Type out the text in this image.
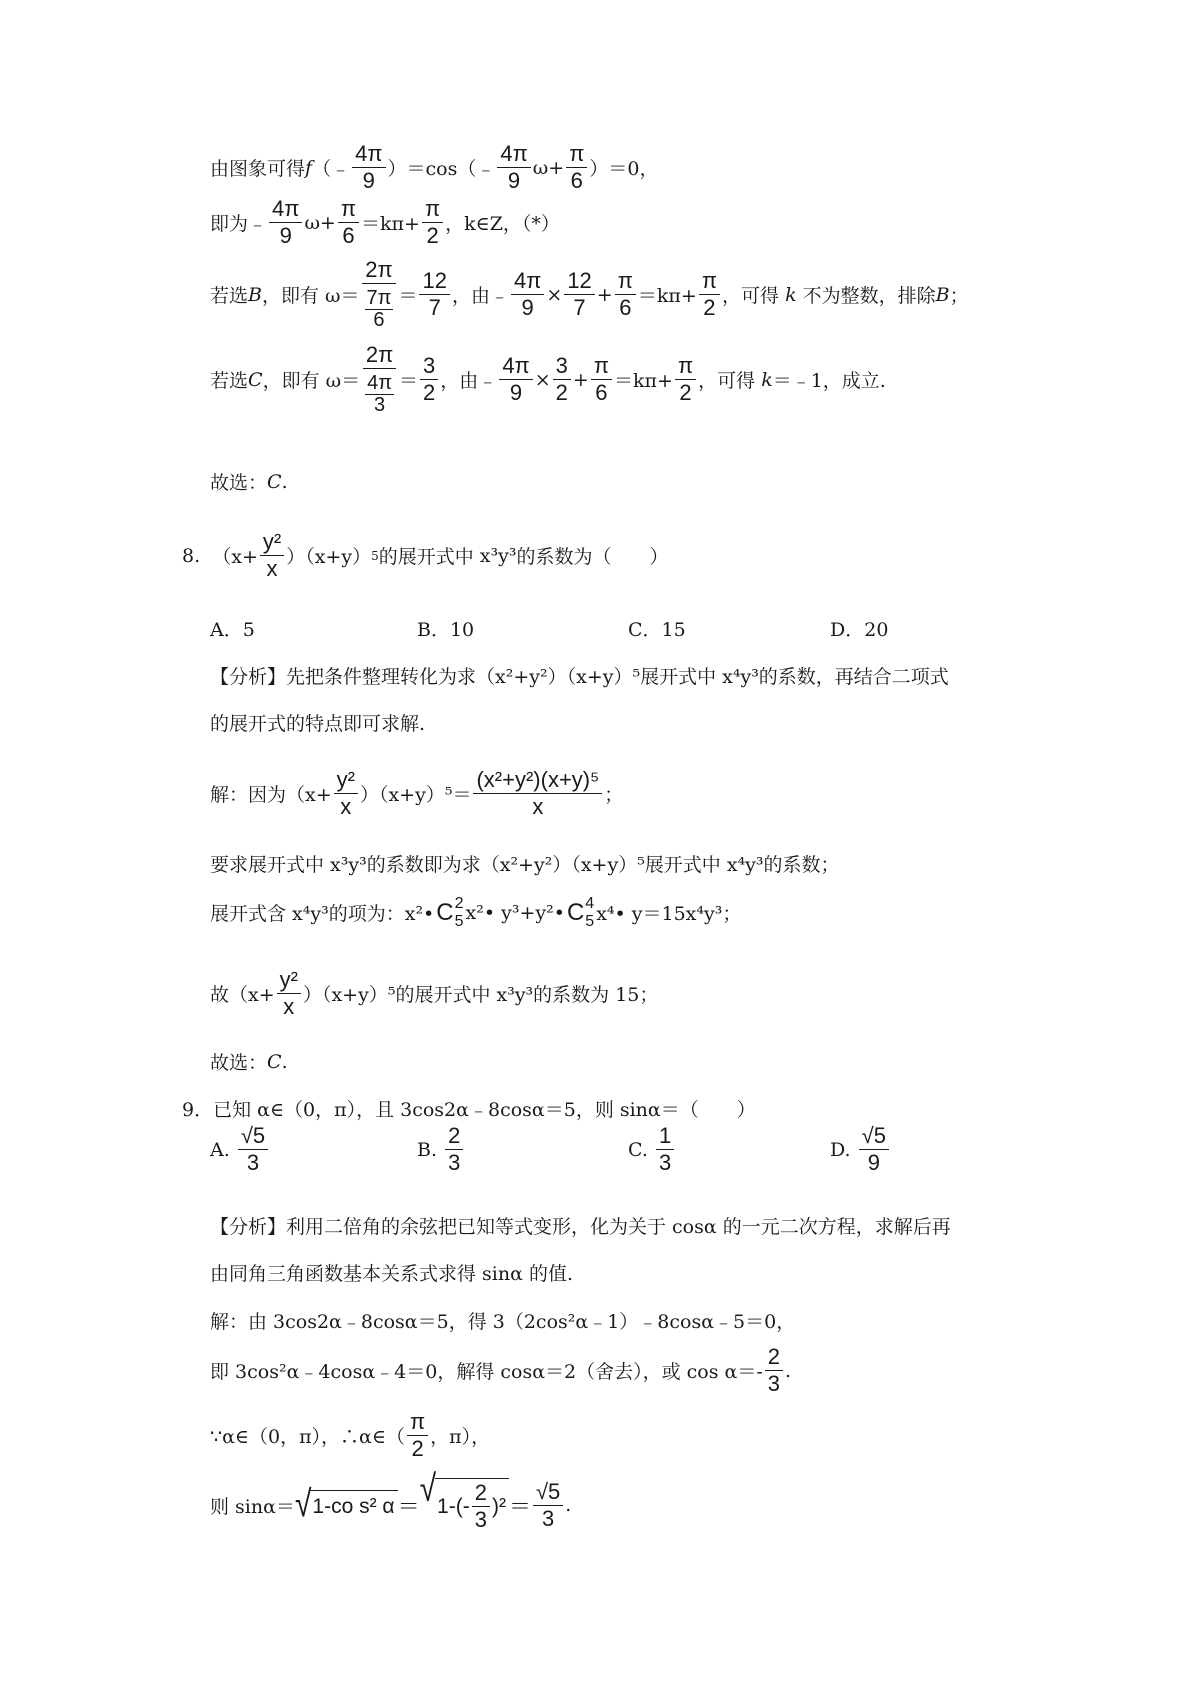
由图象可得 f （﹣ $\frac{4\pi}{9}$ ）＝cos（﹣ $\frac{4\pi}{9} \omega+ \frac{\pi}{6} )=0$，
即为﹣ $\frac{4\pi}{9} \omega+ \frac{\pi}{6} =k\pi+ \frac{\pi}{2}$ ，k∈Z，（*）
若选 B ，即有 $\omega= \frac{2\pi}{\frac{7\pi}{6}} = \frac{12}{7}$ ，由﹣ $\frac{4\pi}{9} \times \frac{12}{7} + \frac{\pi}{6} =k\pi+ \frac{\pi}{2}$ ，可得
k
不为整数，排除 B ；
若选 C ，即有 $\omega= \frac{2\pi}{\frac{4\pi}{3}} = \frac{3}{2}$ ，由﹣ $\frac{4\pi}{9} \times \frac{3}{2} + \frac{\pi}{6} =k\pi+ \frac{\pi}{2}$ ，可得
k ＝﹣1，成立.
故选： C .
8.
$(x+ \frac{\text{y²}}{x} )(x+y)$ 5 的展开式中
x³y³ 的系数为（　　）
A．5	B．10	C．15	D．20
【分析】先把条件整理转化为求（x²+y²）（x+y）⁵展开式中 x⁴y³的系数，再结合二项式
的展开式的特点即可求解.
解：因为$(x+ \frac{\text{y²}}{x} )(x+y)^5= \frac{\text{(x²+y²)(x+y)⁵}}{x}$ ；
要求展开式中 x³y³的系数即为求（x²+y²）（x+y）⁵展开式中 x⁴y³的系数；
展开式含 x⁴y³的项为：x²• C 2
5 x²• y³+y²• C 4
5 x⁴• y＝15x⁴y³；
故$(x+ \frac{\text{y²}}{x} )(x+y)^5$的展开式中 x³y³的系数为 15；
故选： C .
9．已知 α∈（0，π），且 3cos2α﹣8cosα＝5，则 sinα＝（　　）
A.
$\frac{√5}{3}$	B.
$\frac{2}{3}$	C.
$\frac{1}{3}$	D.
$\frac{√5}{9}$
【分析】利用二倍角的余弦把已知等式变形，化为关于 cosα 的一元二次方程，求解后再
由同角三角函数基本关系式求得 sinα 的值.
解：由 3cos2α﹣8cosα＝5，得 3（2cos²α﹣1）﹣8cosα﹣5＝0，
即 3cos²α﹣4cosα﹣4＝0，解得 cosα＝2（舍去），或 $\cos \alpha=- \frac{2}{3}$ .
∵α∈（0，π），∴α∈（ $\frac{\pi}{2}$ ，π），
则 sinα＝ √ 1-co s² α ＝ √ $1-(- \frac{2}{3} )^2 = \frac{√5}{3}$ .
